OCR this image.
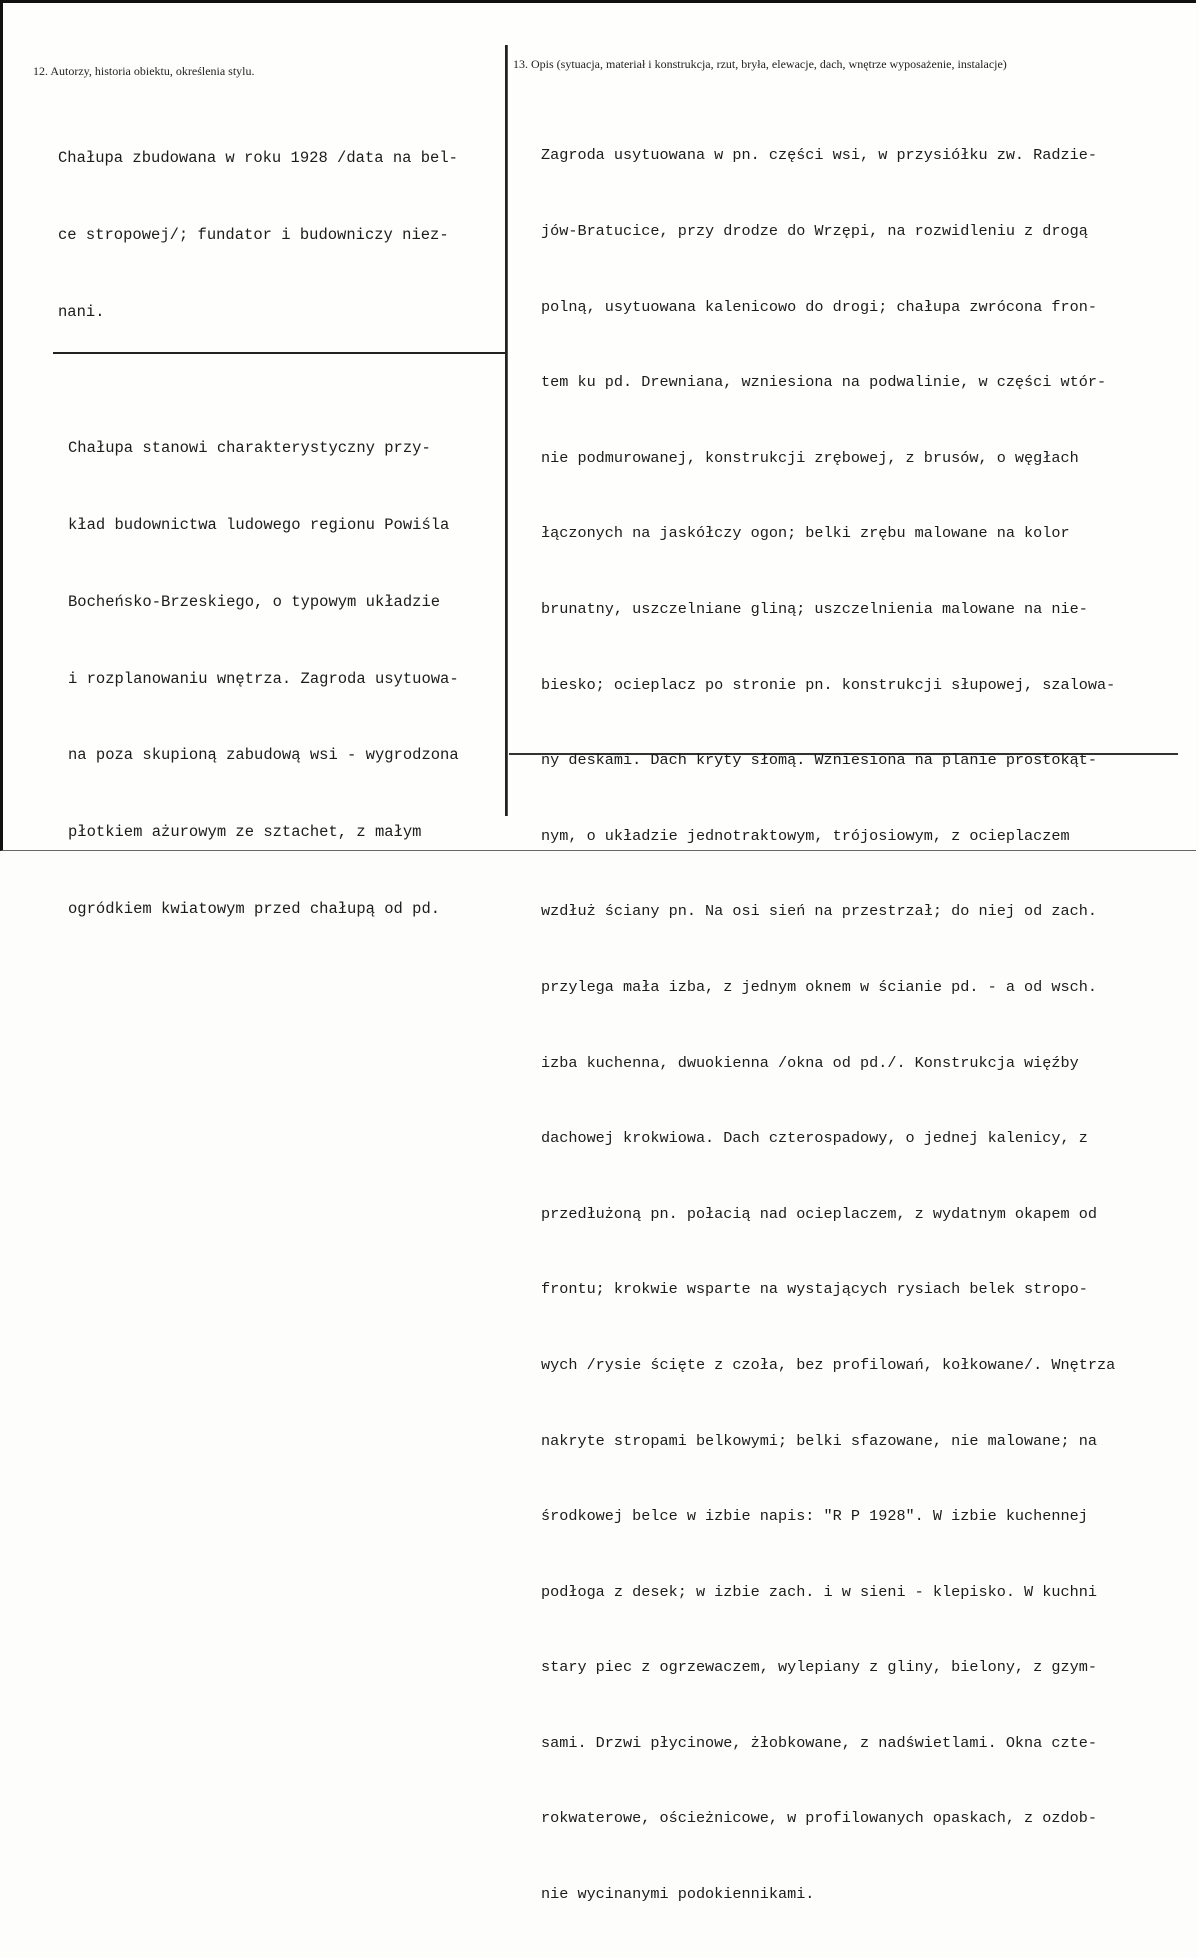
12. Autorzy, historia obiektu, określenia stylu.	13. Opis (sytuacja, materiał i konstrukcja, rzut, bryła, elewacje, dach, wnętrze wyposażenie, instalacje)

Chałupa zbudowana w roku 1928 /data na bel-

ce stropowej/; fundator i budowniczy niez-

nani.

Chałupa stanowi charakterystyczny przy-

kład budownictwa ludowego regionu Powiśla

Bocheńsko-Brzeskiego, o typowym układzie

i rozplanowaniu wnętrza. Zagroda usytuowa-

na poza skupioną zabudową wsi - wygrodzona

płotkiem ażurowym ze sztachet, z małym

ogródkiem kwiatowym przed chałupą od pd.

Zagroda usytuowana w pn. części wsi, w przysiółku zw. Radzie-

jów-Bratucice, przy drodze do Wrzępi, na rozwidleniu z drogą

polną, usytuowana kalenicowo do drogi; chałupa zwrócona fron-

tem ku pd. Drewniana, wzniesiona na podwalinie, w części wtór-

nie podmurowanej, konstrukcji zrębowej, z brusów, o węgłach

łączonych na jaskółczy ogon; belki zrębu malowane na kolor

brunatny, uszczelniane gliną; uszczelnienia malowane na nie-

biesko; ocieplacz po stronie pn. konstrukcji słupowej, szalowa-

ny deskami. Dach kryty słomą. Wzniesiona na planie prostokąt-

nym, o układzie jednotraktowym, trójosiowym, z ocieplaczem

wzdłuż ściany pn. Na osi sień na przestrzał; do niej od zach.

przylega mała izba, z jednym oknem w ścianie pd. - a od wsch.

izba kuchenna, dwuokienna /okna od pd./. Konstrukcja więźby

dachowej krokwiowa. Dach czterospadowy, o jednej kalenicy, z

przedłużoną pn. połacią nad ocieplaczem, z wydatnym okapem od

frontu; krokwie wsparte na wystających rysiach belek stropo-

wych /rysie ścięte z czoła, bez profilowań, kołkowane/. Wnętrza

nakryte stropami belkowymi; belki sfazowane, nie malowane; na

środkowej belce w izbie napis: "R P 1928". W izbie kuchennej

podłoga z desek; w izbie zach. i w sieni - klepisko. W kuchni

stary piec z ogrzewaczem, wylepiany z gliny, bielony, z gzym-

sami. Drzwi płycinowe, żłobkowane, z nadświetlami. Okna czte-

rokwaterowe, ościeżnicowe, w profilowanych opaskach, z ozdob-

nie wycinanymi podokiennikami.
